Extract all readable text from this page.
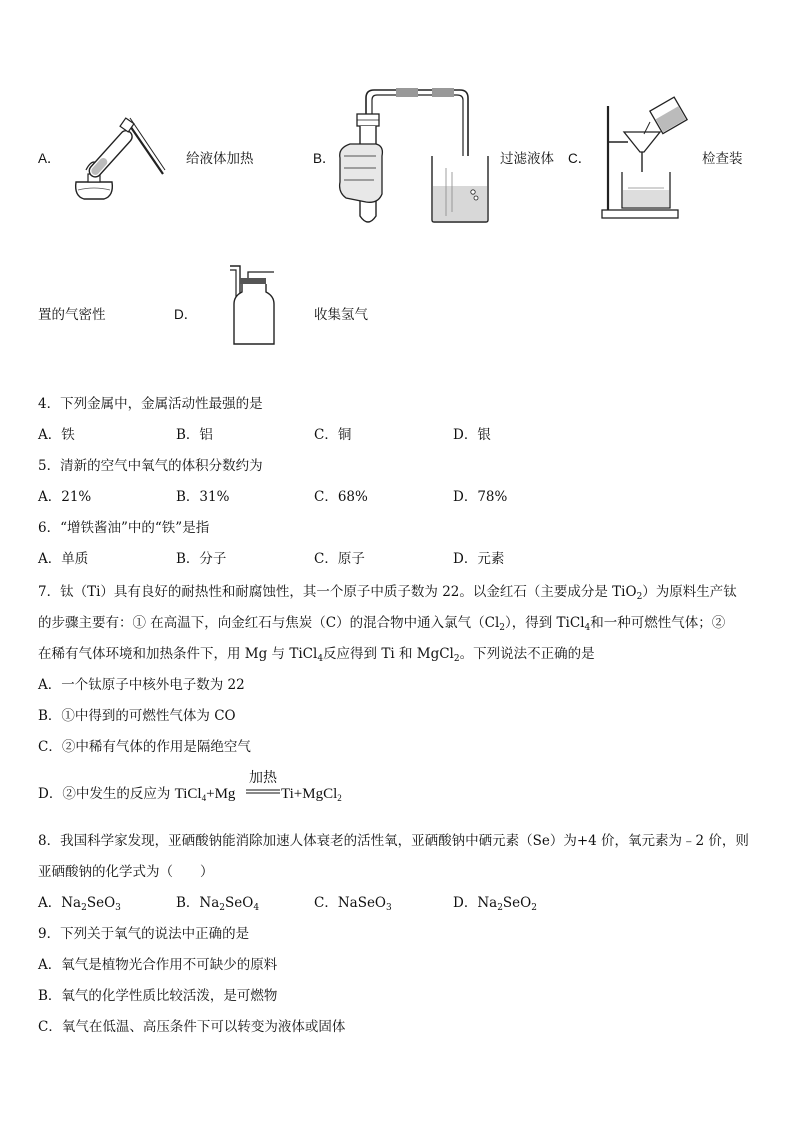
A．	给液体加热	B．	过滤液体 C．	检查装
置的气密性	D．	收集氢气
4．下列金属中，金属活动性最强的是
A．铁	B．铝	C．铜	D．银
5．清新的空气中氧气的体积分数约为
A．21%	B．31%	C．68%	D．78%
6．“增铁酱油”中的“铁”是指
A．单质	B．分子	C．原子	D．元素
7．钛（Ti）具有良好的耐热性和耐腐蚀性，其一个原子中质子数为 22。以金红石（主要成分是 TiO$_2$）为原料生产钛
的步骤主要有：① 在高温下，向金红石与焦炭（C）的混合物中通入氯气$(Cl_2)$，得到 TiCl$_4$和一种可燃性气体；②
在稀有气体环境和加热条件下，用 Mg 与 TiCl$_4$反应得到 Ti 和 MgCl$_2$。下列说法不正确的是
A．一个钛原子中核外电子数为 22
B．①中得到的可燃性气体为 CO
C．②中稀有气体的作用是隔绝空气
D．②中发生的反应为 TiCl$_4$+Mg
加热
Ti+MgCl$_2$
8．我国科学家发现，亚硒酸钠能消除加速人体衰老的活性氧，亚硒酸钠中硒元素（Se）为+4 价，氧元素为﹣2 价，则
亚硒酸钠的化学式为（　　）
A．$Na_2SeO_3$	B．$Na_2SeO_4$	C．NaSeO$_3$	D．$Na_2SeO_2$
9．下列关于氧气的说法中正确的是
A．氧气是植物光合作用不可缺少的原料
B．氧气的化学性质比较活泼，是可燃物
C．氧气在低温、高压条件下可以转变为液体或固体
